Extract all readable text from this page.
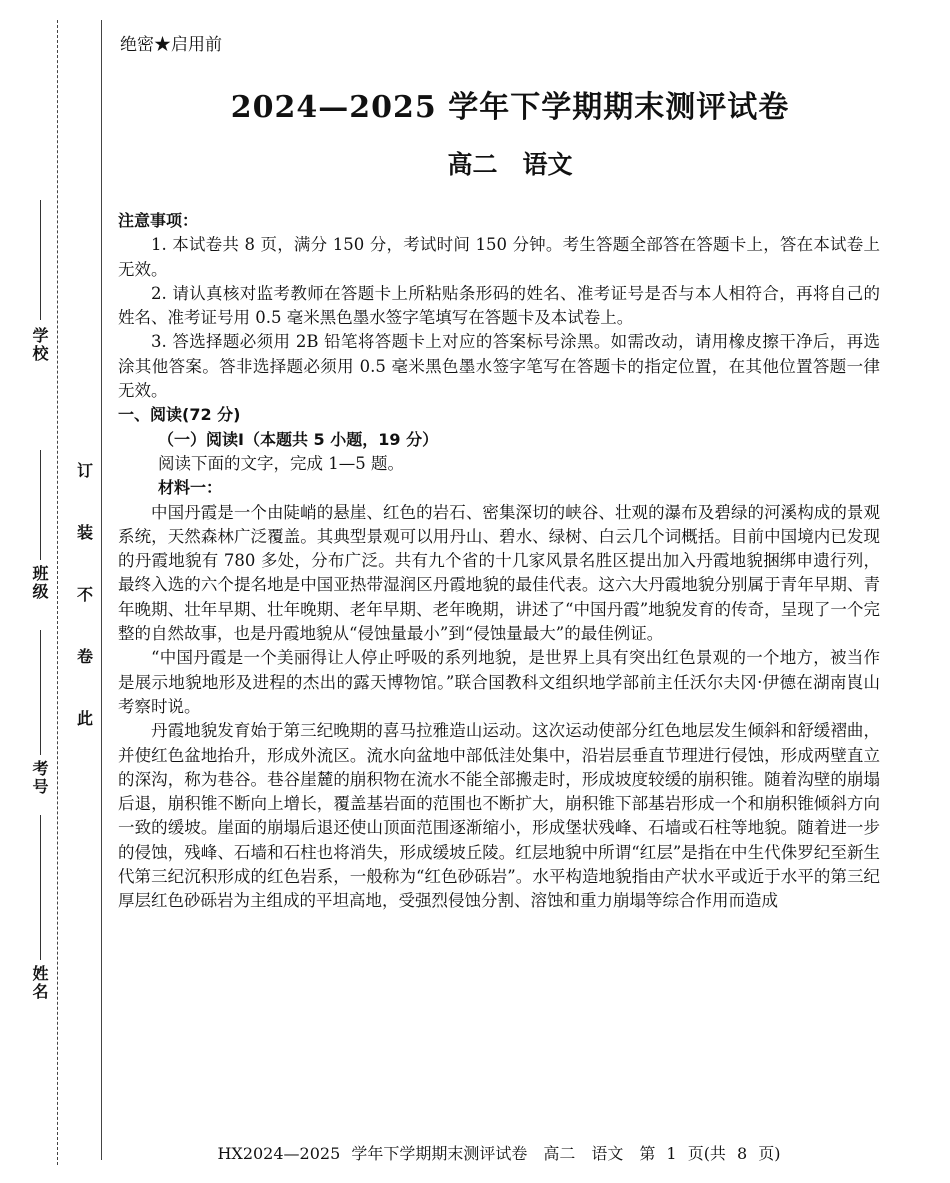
学校
班级
考号
姓名
订
装
不
卷
此
绝密★启用前
2024—2025 学年下学期期末测评试卷
高二　语文

注意事项：

1. 本试卷共 8 页，满分 150 分，考试时间 150 分钟。考生答题全部答在答题卡上，答在本试卷上无效。

2. 请认真核对监考教师在答题卡上所粘贴条形码的姓名、准考证号是否与本人相符合，再将自己的姓名、准考证号用 0.5 毫米黑色墨水签字笔填写在答题卡及本试卷上。

3. 答选择题必须用 2B 铅笔将答题卡上对应的答案标号涂黑。如需改动，请用橡皮擦干净后，再选涂其他答案。答非选择题必须用 0.5 毫米黑色墨水签字笔写在答题卡的指定位置，在其他位置答题一律无效。

一、阅读(72 分)

（一）阅读Ⅰ（本题共 5 小题，19 分）

阅读下面的文字，完成 1—5 题。

材料一：

中国丹霞是一个由陡峭的悬崖、红色的岩石、密集深切的峡谷、壮观的瀑布及碧绿的河溪构成的景观系统，天然森林广泛覆盖。其典型景观可以用丹山、碧水、绿树、白云几个词概括。目前中国境内已发现的丹霞地貌有 780 多处，分布广泛。共有九个省的十几家风景名胜区提出加入丹霞地貌捆绑申遗行列，最终入选的六个提名地是中国亚热带湿润区丹霞地貌的最佳代表。这六大丹霞地貌分别属于青年早期、青年晚期、壮年早期、壮年晚期、老年早期、老年晚期，讲述了“中国丹霞”地貌发育的传奇，呈现了一个完整的自然故事，也是丹霞地貌从“侵蚀量最小”到“侵蚀量最大”的最佳例证。

“中国丹霞是一个美丽得让人停止呼吸的系列地貌，是世界上具有突出红色景观的一个地方，被当作是展示地貌地形及进程的杰出的露天博物馆。”联合国教科文组织地学部前主任沃尔夫冈·伊德在湖南崀山考察时说。

丹霞地貌发育始于第三纪晚期的喜马拉雅造山运动。这次运动使部分红色地层发生倾斜和舒缓褶曲，并使红色盆地抬升，形成外流区。流水向盆地中部低洼处集中，沿岩层垂直节理进行侵蚀，形成两壁直立的深沟，称为巷谷。巷谷崖麓的崩积物在流水不能全部搬走时，形成坡度较缓的崩积锥。随着沟壁的崩塌后退，崩积锥不断向上增长，覆盖基岩面的范围也不断扩大，崩积锥下部基岩形成一个和崩积锥倾斜方向一致的缓坡。崖面的崩塌后退还使山顶面范围逐渐缩小，形成堡状残峰、石墙或石柱等地貌。随着进一步的侵蚀，残峰、石墙和石柱也将消失，形成缓坡丘陵。红层地貌中所谓“红层”是指在中生代侏罗纪至新生代第三纪沉积形成的红色岩系，一般称为“红色砂砾岩”。水平构造地貌指由产状水平或近于水平的第三纪厚层红色砂砾岩为主组成的平坦高地，受强烈侵蚀分割、溶蚀和重力崩塌等综合作用而造成

HX2024—2025 学年下学期期末测评试卷　高二　语文　第 1 页(共 8 页)
